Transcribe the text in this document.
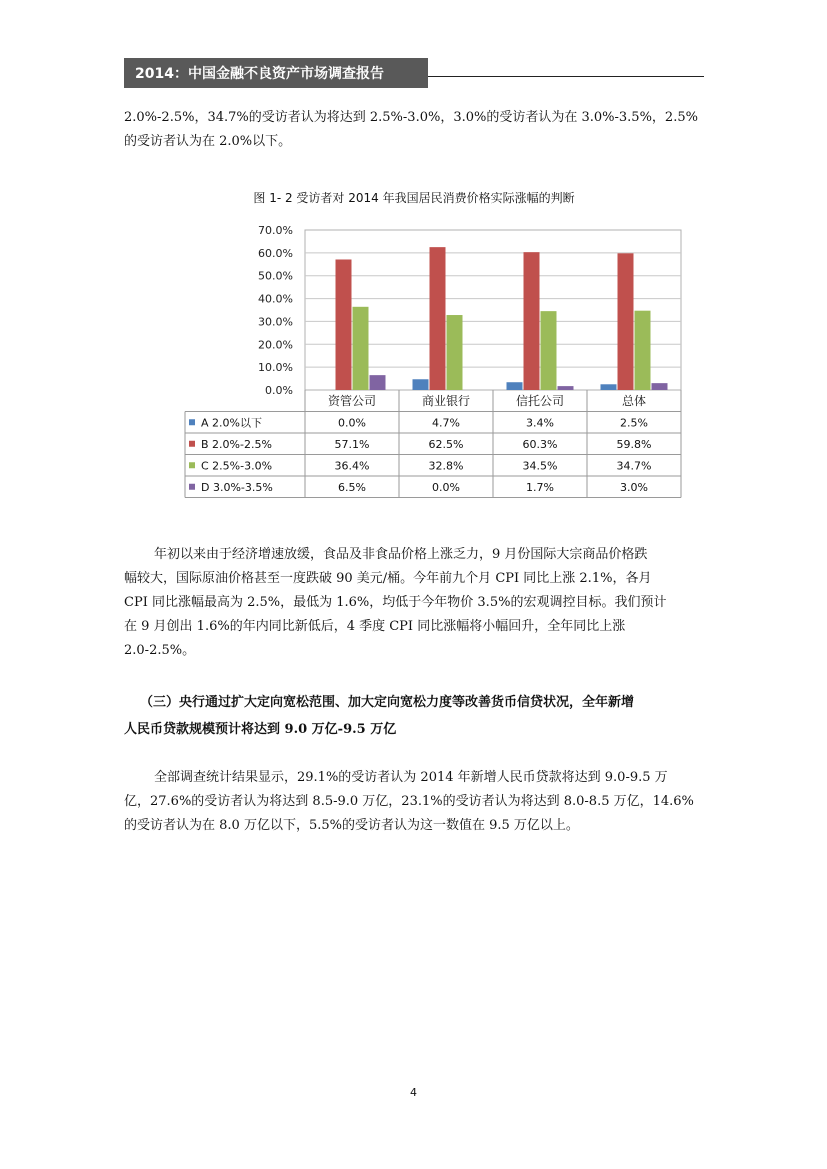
2014：中国金融不良资产市场调查报告

2.0%-2.5%，34.7%的受访者认为将达到 2.5%-3.0%，3.0%的受访者认为在 3.0%-3.5%，2.5%

的受访者认为在 2.0%以下。

图 1- 2 受访者对 2014 年我国居民消费价格实际涨幅的判断
0.0%
10.0%
20.0%
30.0%
40.0%
50.0%
60.0%
70.0%
资管公司	商业银行	信托公司	总体
A 2.0%以下	0.0%	4.7%	3.4%	2.5%
B 2.0%-2.5%	57.1%	62.5%	60.3%	59.8%
C 2.5%-3.0%	36.4%	32.8%	34.5%	34.7%
D 3.0%-3.5%	6.5%	0.0%	1.7%	3.0%

年初以来由于经济增速放缓，食品及非食品价格上涨乏力，9 月份国际大宗商品价格跌

幅较大，国际原油价格甚至一度跌破 90 美元/桶。今年前九个月 CPI 同比上涨 2.1%，各月

CPI 同比涨幅最高为 2.5%，最低为 1.6%，均低于今年物价 3.5%的宏观调控目标。我们预计

在 9 月创出 1.6%的年内同比新低后，4 季度 CPI 同比涨幅将小幅回升，全年同比上涨

2.0-2.5%。

（三）央行通过扩大定向宽松范围、加大定向宽松力度等改善货币信贷状况，全年新增
人民币贷款规模预计将达到 9.0 万亿-9.5 万亿

全部调查统计结果显示，29.1%的受访者认为 2014 年新增人民币贷款将达到 9.0-9.5 万

亿，27.6%的受访者认为将达到 8.5-9.0 万亿，23.1%的受访者认为将达到 8.0-8.5 万亿，14.6%

的受访者认为在 8.0 万亿以下，5.5%的受访者认为这一数值在 9.5 万亿以上。

4
